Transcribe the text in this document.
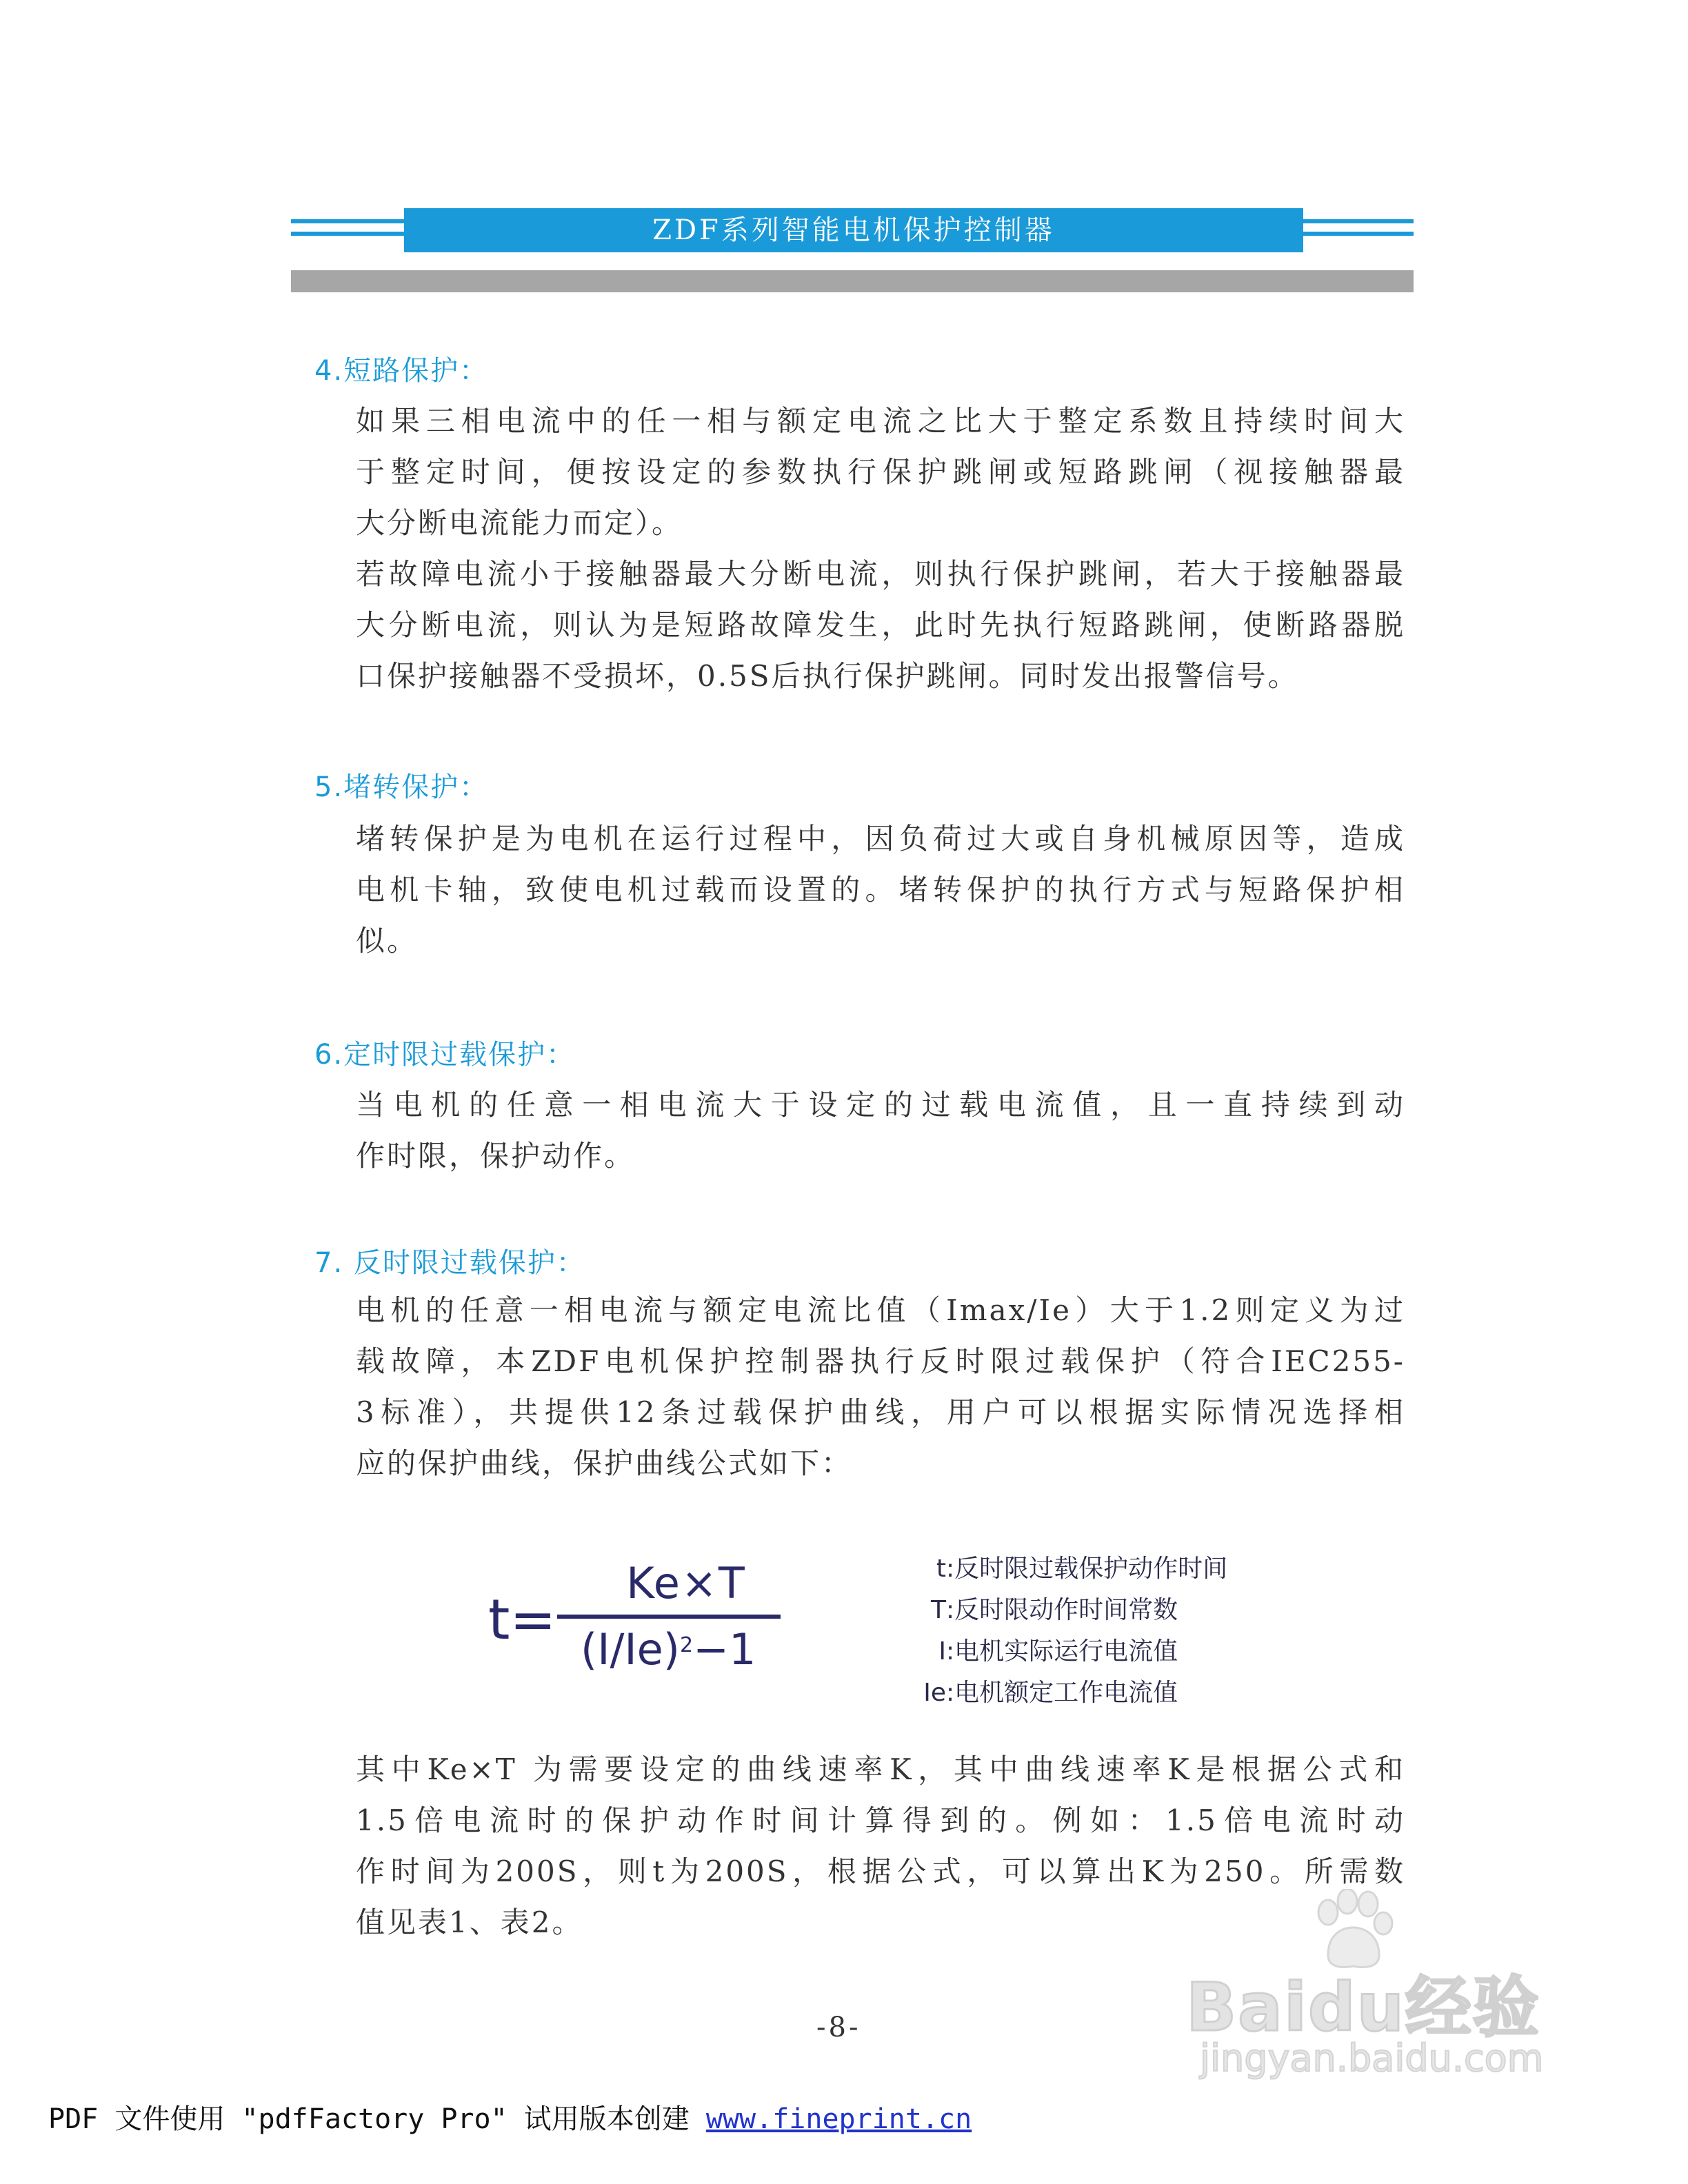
ZDF系列智能电机保护控制器
4.短路保护：
如果三相电流中的任一相与额定电流之比大于整定系数且持续时间大
于整定时间，便按设定的参数执行保护跳闸或短路跳闸（视接触器最
大分断电流能力而定）。
若故障电流小于接触器最大分断电流，则执行保护跳闸，若大于接触器最
大分断电流，则认为是短路故障发生，此时先执行短路跳闸，使断路器脱
口保护接触器不受损坏，0.5S后执行保护跳闸。同时发出报警信号。
5.堵转保护：
堵转保护是为电机在运行过程中，因负荷过大或自身机械原因等，造成
电机卡轴，致使电机过载而设置的。堵转保护的执行方式与短路保护相
似。
6.定时限过载保护：
当电机的任意一相电流大于设定的过载电流值，且一直持续到动
作时限，保护动作。
7. 反时限过载保护：
电机的任意一相电流与额定电流比值（Imax/Ie）大于1.2则定义为过
载故障，本ZDF电机保护控制器执行反时限过载保护（符合IEC255-
3标准），共提供12条过载保护曲线，用户可以根据实际情况选择相
应的保护曲线，保护曲线公式如下：
t=
Ke×T
$(I/Ie)^2-1$
t:反时限过载保护动作时间
T:反时限动作时间常数
I:电机实际运行电流值
Ie:电机额定工作电流值
其中Ke×T 为需要设定的曲线速率K，其中曲线速率K是根据公式和
1.5倍电流时的保护动作时间计算得到的。例如：1.5倍电流时动
作时间为200S，则t为200S，根据公式，可以算出K为250。所需数
值见表1、表2。
Baidu经验
jingyan.baidu.com
-8-
PDF 文件使用 "pdfFactory Pro" 试用版本创建 www.fineprint.cn
